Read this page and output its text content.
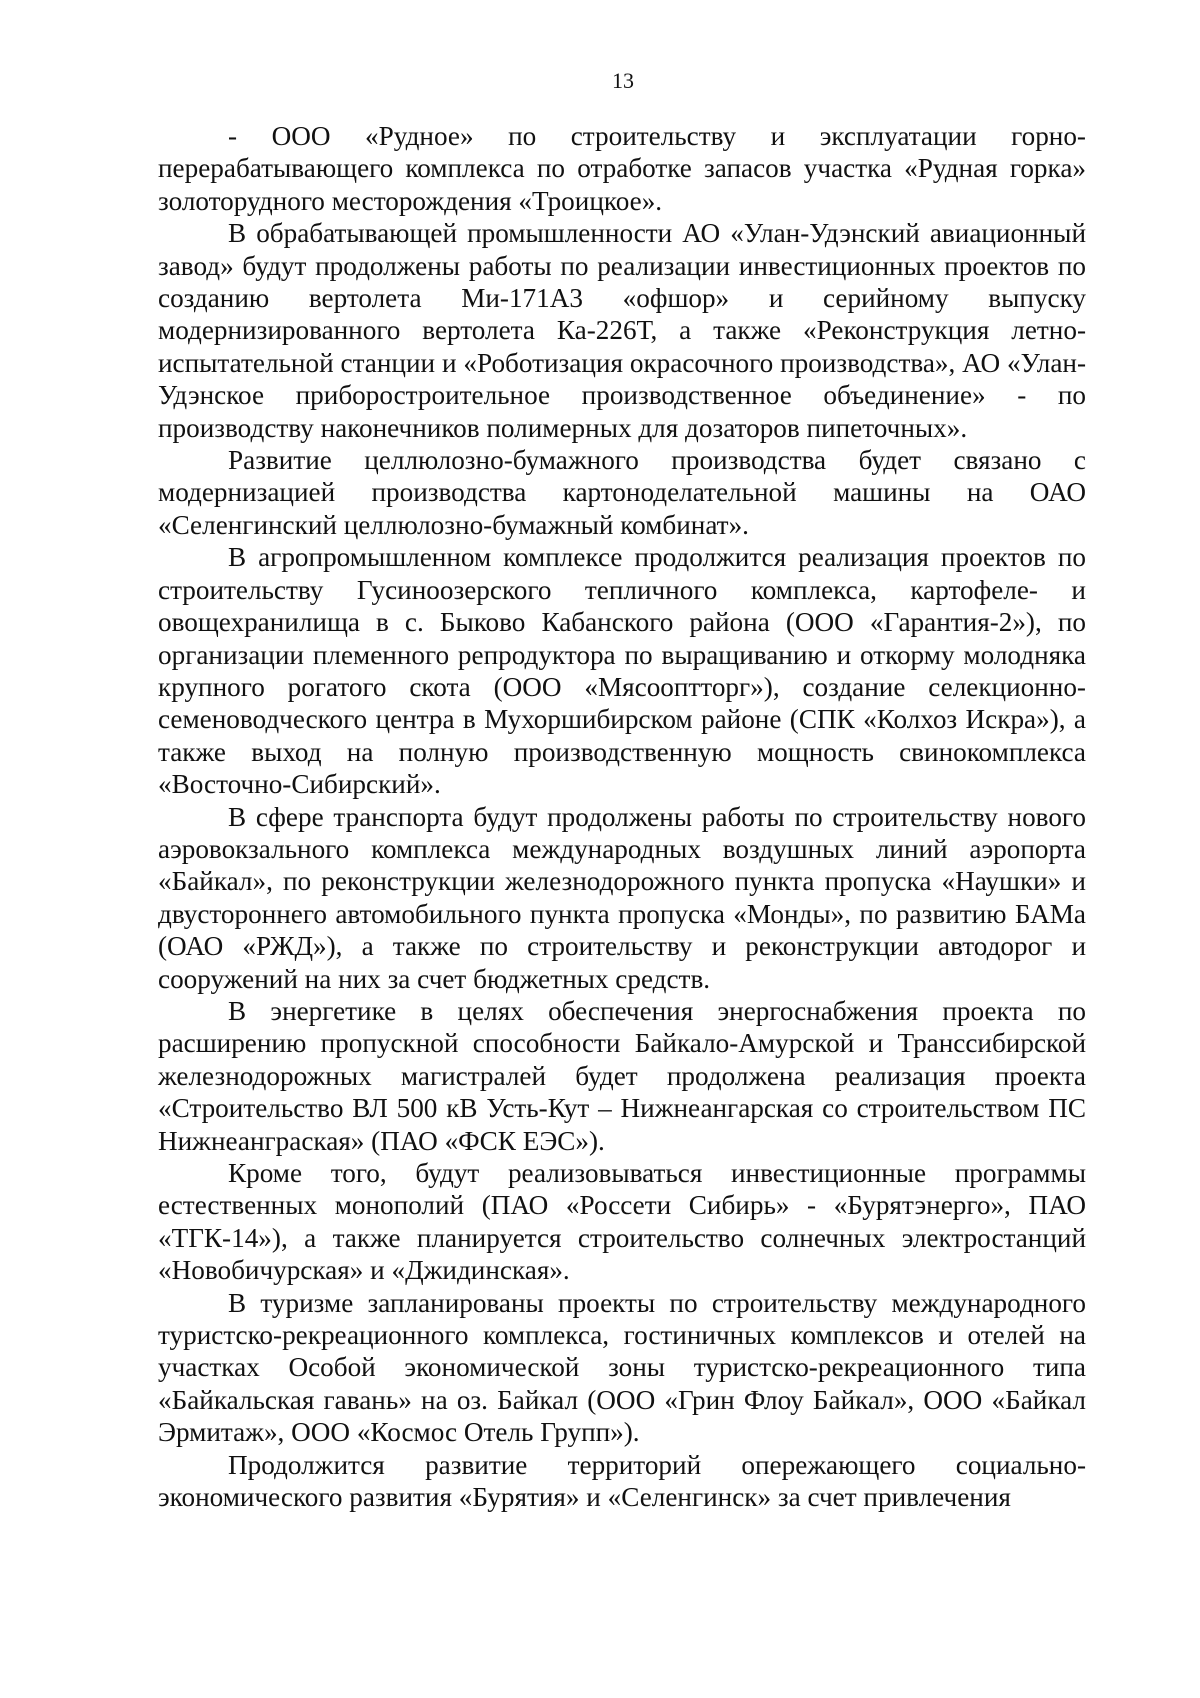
13

- ООО «Рудное» по строительству и эксплуатации горно-перерабатывающего комплекса по отработке запасов участка «Рудная горка» золоторудного месторождения «Троицкое».

В обрабатывающей промышленности АО «Улан-Удэнский авиационный завод» будут продолжены работы по реализации инвестиционных проектов по созданию вертолета Ми-171А3 «офшор» и серийному выпуску модернизированного вертолета Ка-226Т, а также «Реконструкция летно-испытательной станции и «Роботизация окрасочного производства», АО «Улан-Удэнское приборостроительное производственное объединение» - по производству наконечников полимерных для дозаторов пипеточных».

Развитие целлюлозно-бумажного производства будет связано с модернизацией производства картоноделательной машины на ОАО «Селенгинский целлюлозно-бумажный комбинат».

В агропромышленном комплексе продолжится реализация проектов по строительству Гусиноозерского тепличного комплекса, картофеле- и овощехранилища в с. Быково Кабанского района (ООО «Гарантия-2»), по организации племенного репродуктора по выращиванию и откорму молодняка крупного рогатого скота (ООО «Мясооптторг»), создание селекционно-семеноводческого центра в Мухоршибирском районе (СПК «Колхоз Искра»), а также выход на полную производственную мощность свинокомплекса «Восточно-Сибирский».

В сфере транспорта будут продолжены работы по строительству нового аэровокзального комплекса международных воздушных линий аэропорта «Байкал», по реконструкции железнодорожного пункта пропуска «Наушки» и двустороннего автомобильного пункта пропуска «Монды», по развитию БАМа (ОАО «РЖД»), а также по строительству и реконструкции автодорог и сооружений на них за счет бюджетных средств.

В энергетике в целях обеспечения энергоснабжения проекта по расширению пропускной способности Байкало-Амурской и Транссибирской железнодорожных магистралей будет продолжена реализация проекта «Строительство ВЛ 500 кВ Усть-Кут – Нижнеангарская со строительством ПС Нижнеанграская» (ПАО «ФСК ЕЭС»).

Кроме того, будут реализовываться инвестиционные программы естественных монополий (ПАО «Россети Сибирь» - «Бурятэнерго», ПАО «ТГК-14»), а также планируется строительство солнечных электростанций «Новобичурская» и «Джидинская».

В туризме запланированы проекты по строительству международного туристско-рекреационного комплекса, гостиничных комплексов и отелей на участках Особой экономической зоны туристско-рекреационного типа «Байкальская гавань» на оз. Байкал (ООО «Грин Флоу Байкал», ООО «Байкал Эрмитаж», ООО «Космос Отель Групп»).

Продолжится развитие территорий опережающего социально-экономического развития «Бурятия» и «Селенгинск» за счет привлечения
